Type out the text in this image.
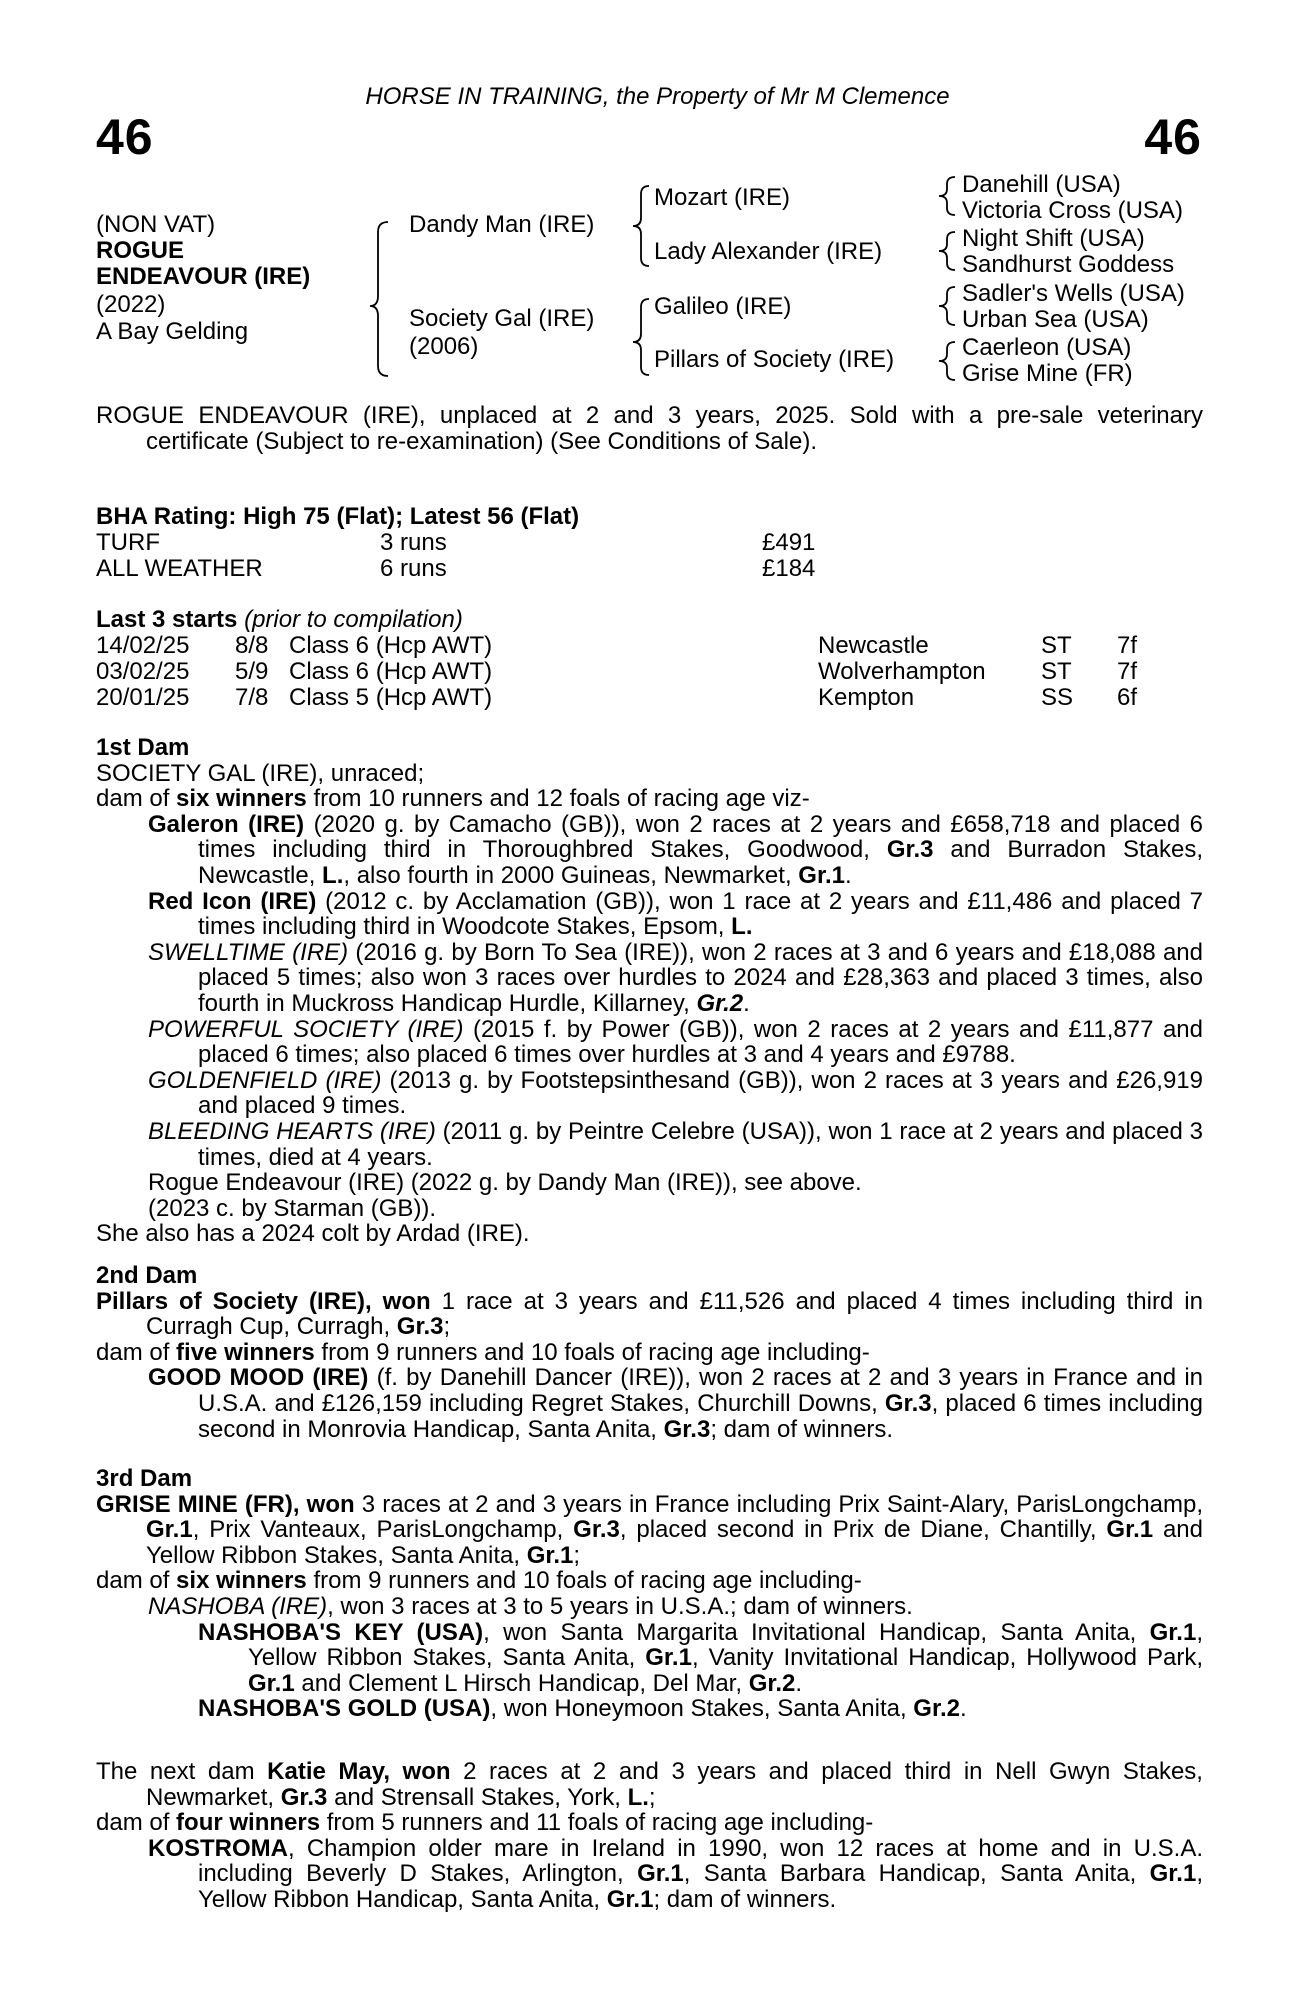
HORSE IN TRAINING, the Property of Mr M Clemence
46	46
(NON VAT)
ROGUE
ENDEAVOUR (IRE)
(2022)
A Bay Gelding
Dandy Man (IRE)
Society Gal (IRE)
(2006)
Mozart (IRE)
Lady Alexander (IRE)
Galileo (IRE)
Pillars of Society (IRE)
Danehill (USA)
Victoria Cross (USA)
Night Shift (USA)
Sandhurst Goddess
Sadler's Wells (USA)
Urban Sea (USA)
Caerleon (USA)
Grise Mine (FR)

ROGUE ENDEAVOUR (IRE), unplaced at 2 and 3 years, 2025. Sold with a pre-sale veterinary certificate (Subject to re-examination) (See Conditions of Sale).

BHA Rating: High 75 (Flat); Latest 56 (Flat)
TURF	3 runs	£491
ALL WEATHER	6 runs	£184
Last 3 starts (prior to compilation)
14/02/25 8/8 Class 6 (Hcp AWT)	Newcastle	ST 7f
03/02/25 5/9 Class 6 (Hcp AWT)	Wolverhampton ST 7f
20/01/25 7/8 Class 5 (Hcp AWT)	Kempton	SS 6f

1st Dam

SOCIETY GAL (IRE), unraced;

dam of six winners from 10 runners and 12 foals of racing age viz-

Galeron (IRE) (2020 g. by Camacho (GB)), won 2 races at 2 years and £658,718 and placed 6 times including third in Thoroughbred Stakes, Goodwood, Gr.3 and Burradon Stakes, Newcastle, L., also fourth in 2000 Guineas, Newmarket, Gr.1.

Red Icon (IRE) (2012 c. by Acclamation (GB)), won 1 race at 2 years and £11,486 and placed 7 times including third in Woodcote Stakes, Epsom, L.

SWELLTIME (IRE) (2016 g. by Born To Sea (IRE)), won 2 races at 3 and 6 years and £18,088 and placed 5 times; also won 3 races over hurdles to 2024 and £28,363 and placed 3 times, also fourth in Muckross Handicap Hurdle, Killarney, Gr.2.

POWERFUL SOCIETY (IRE) (2015 f. by Power (GB)), won 2 races at 2 years and £11,877 and placed 6 times; also placed 6 times over hurdles at 3 and 4 years and £9788.

GOLDENFIELD (IRE) (2013 g. by Footstepsinthesand (GB)), won 2 races at 3 years and £26,919 and placed 9 times.

BLEEDING HEARTS (IRE) (2011 g. by Peintre Celebre (USA)), won 1 race at 2 years and placed 3 times, died at 4 years.

Rogue Endeavour (IRE) (2022 g. by Dandy Man (IRE)), see above.

(2023 c. by Starman (GB)).

She also has a 2024 colt by Ardad (IRE).

2nd Dam

Pillars of Society (IRE), won 1 race at 3 years and £11,526 and placed 4 times including third in Curragh Cup, Curragh, Gr.3;

dam of five winners from 9 runners and 10 foals of racing age including-

GOOD MOOD (IRE) (f. by Danehill Dancer (IRE)), won 2 races at 2 and 3 years in France and in U.S.A. and £126,159 including Regret Stakes, Churchill Downs, Gr.3, placed 6 times including second in Monrovia Handicap, Santa Anita, Gr.3; dam of winners.

3rd Dam

GRISE MINE (FR), won 3 races at 2 and 3 years in France including Prix Saint-Alary, ParisLongchamp, Gr.1, Prix Vanteaux, ParisLongchamp, Gr.3, placed second in Prix de Diane, Chantilly, Gr.1 and Yellow Ribbon Stakes, Santa Anita, Gr.1;

dam of six winners from 9 runners and 10 foals of racing age including-

NASHOBA (IRE), won 3 races at 3 to 5 years in U.S.A.; dam of winners.

NASHOBA'S KEY (USA), won Santa Margarita Invitational Handicap, Santa Anita, Gr.1, Yellow Ribbon Stakes, Santa Anita, Gr.1, Vanity Invitational Handicap, Hollywood Park, Gr.1 and Clement L Hirsch Handicap, Del Mar, Gr.2.

NASHOBA'S GOLD (USA), won Honeymoon Stakes, Santa Anita, Gr.2.

The next dam Katie May, won 2 races at 2 and 3 years and placed third in Nell Gwyn Stakes, Newmarket, Gr.3 and Strensall Stakes, York, L.;

dam of four winners from 5 runners and 11 foals of racing age including-

KOSTROMA, Champion older mare in Ireland in 1990, won 12 races at home and in U.S.A. including Beverly D Stakes, Arlington, Gr.1, Santa Barbara Handicap, Santa Anita, Gr.1, Yellow Ribbon Handicap, Santa Anita, Gr.1; dam of winners.
